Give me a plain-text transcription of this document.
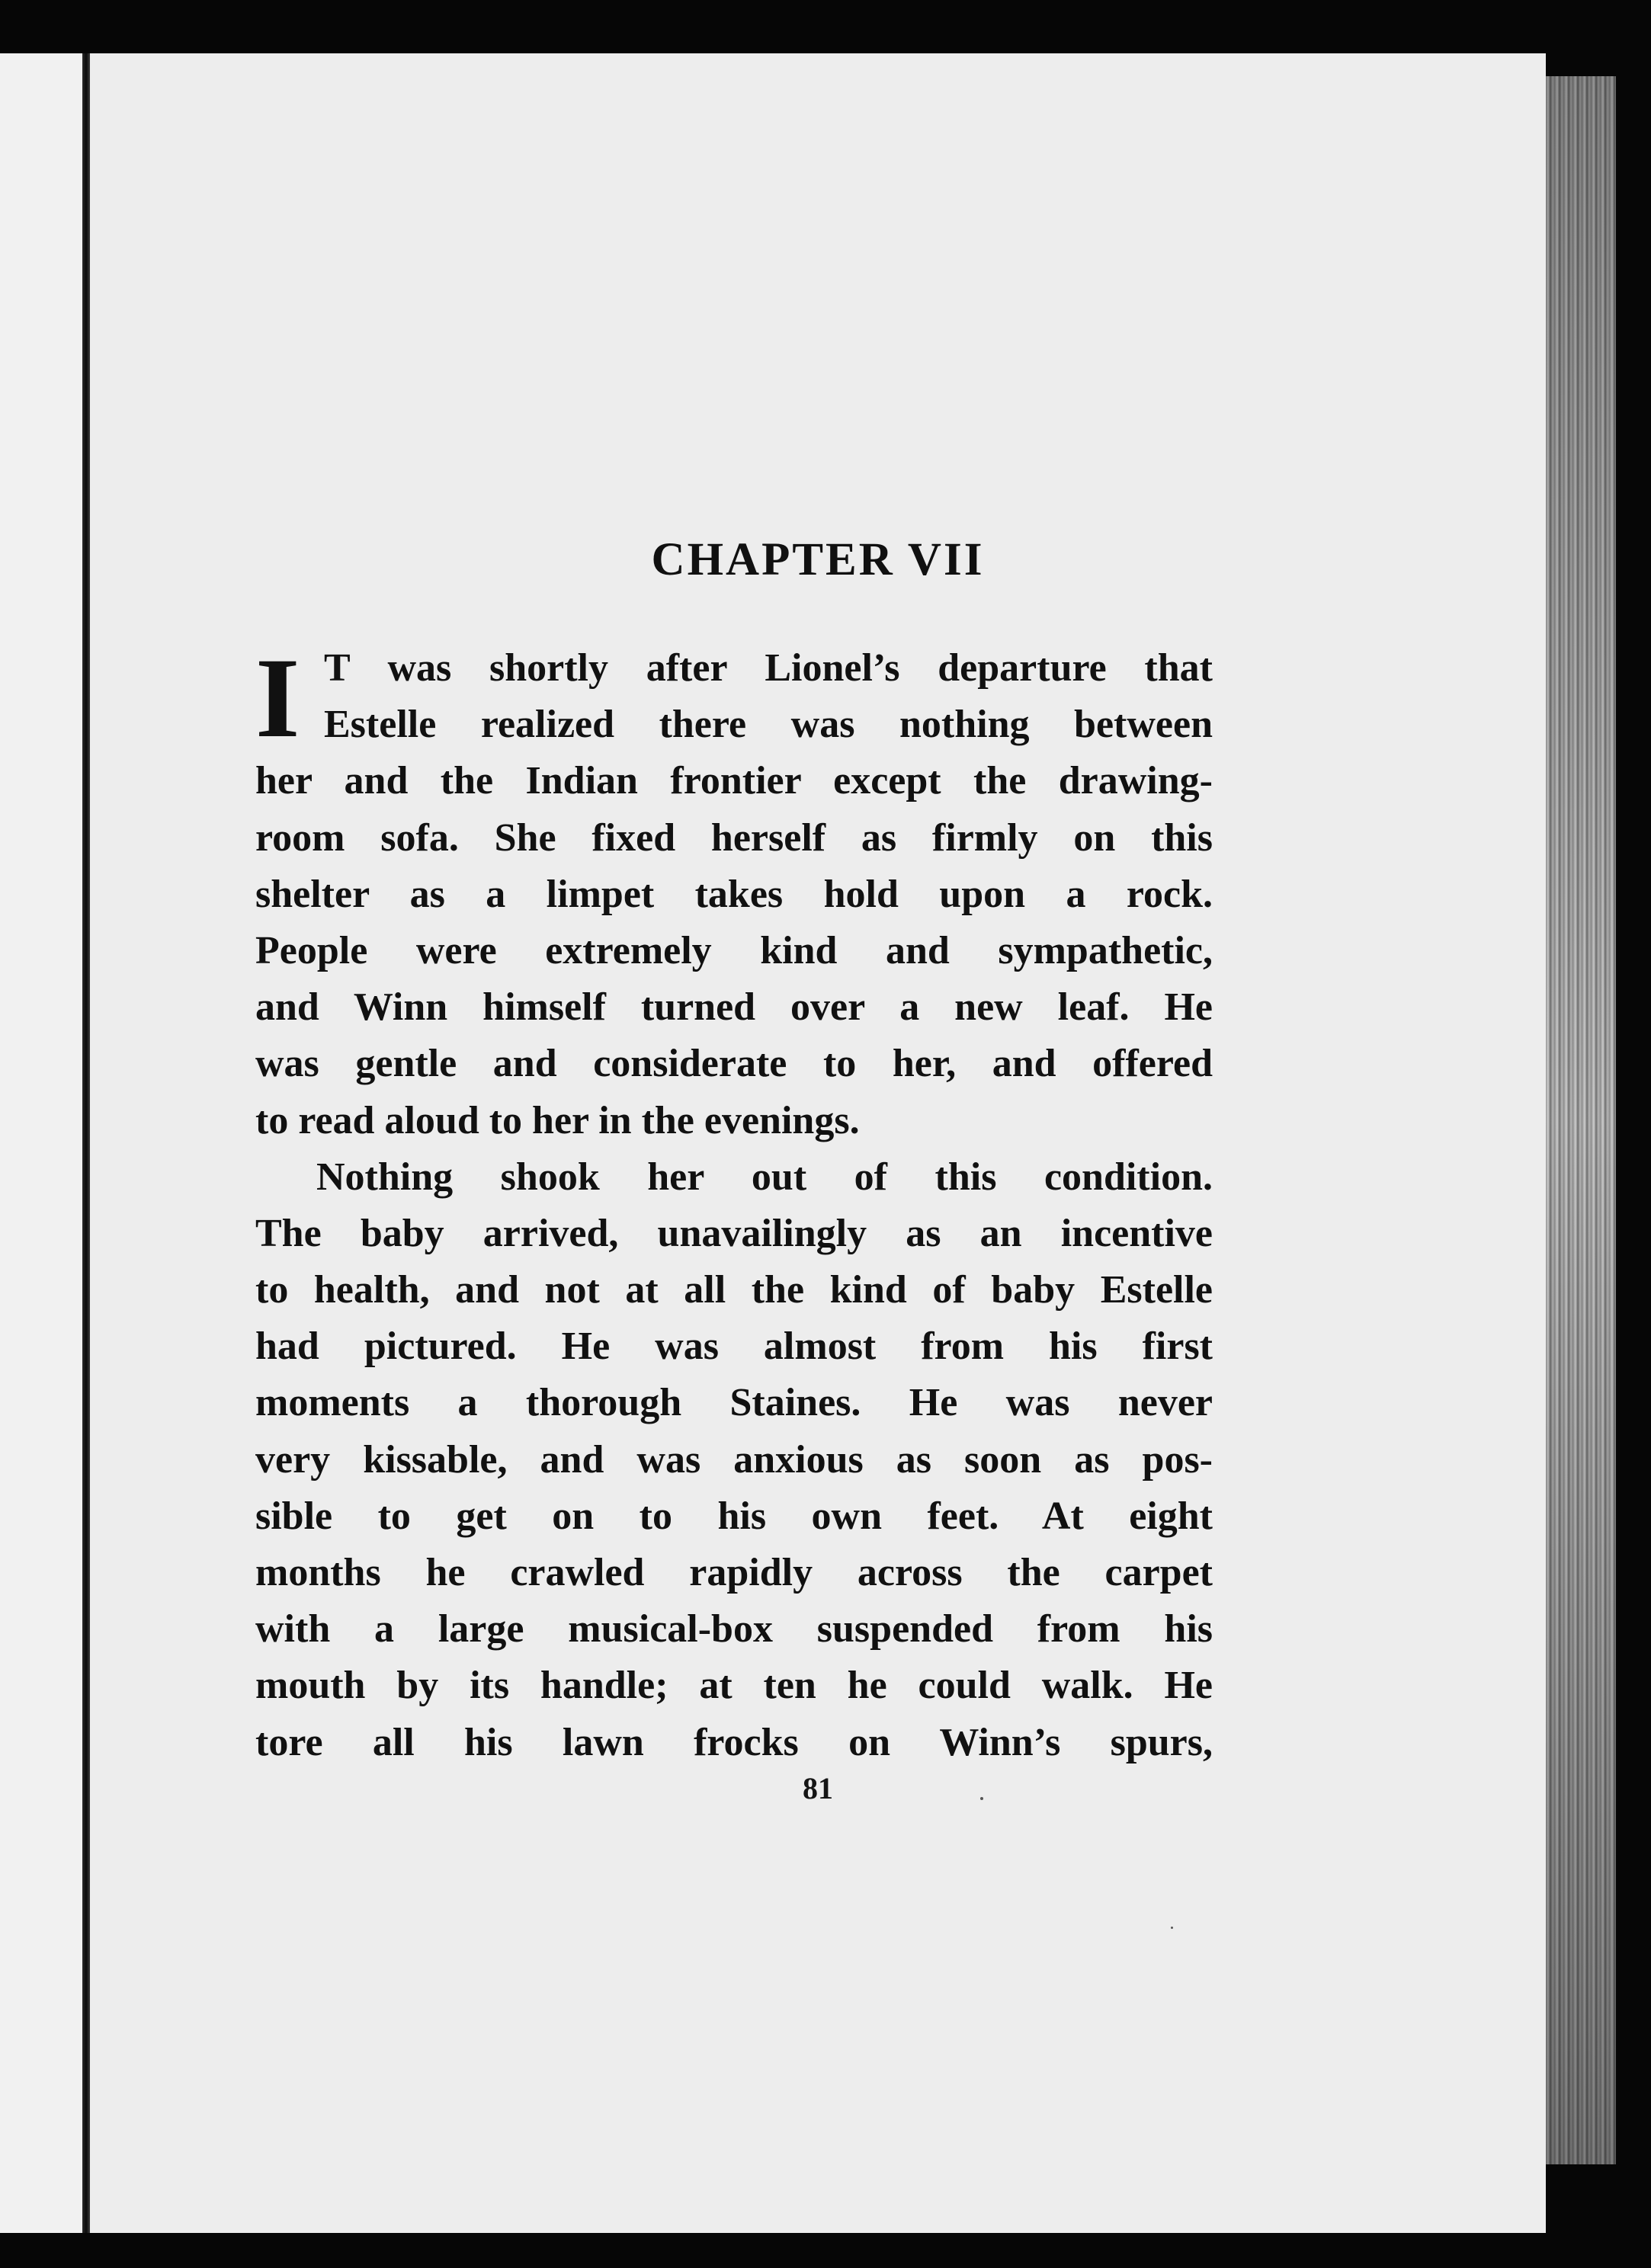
CHAPTER VII
I T was shortly after Lionel’s departure that
Estelle realized there was nothing between
her and the Indian frontier except the drawing-
room sofa. She fixed herself as firmly on this
shelter as a limpet takes hold upon a rock.
People were extremely kind and sympathetic,
and Winn himself turned over a new leaf. He
was gentle and considerate to her, and offered
to read aloud to her in the evenings.
Nothing shook her out of this condition.
The baby arrived, unavailingly as an incentive
to health, and not at all the kind of baby Estelle
had pictured. He was almost from his first
moments a thorough Staines. He was never
very kissable, and was anxious as soon as pos-
sible to get on to his own feet. At eight
months he crawled rapidly across the carpet
with a large musical-box suspended from his
mouth by its handle; at ten he could walk. He
tore all his lawn frocks on Winn’s spurs,
81
